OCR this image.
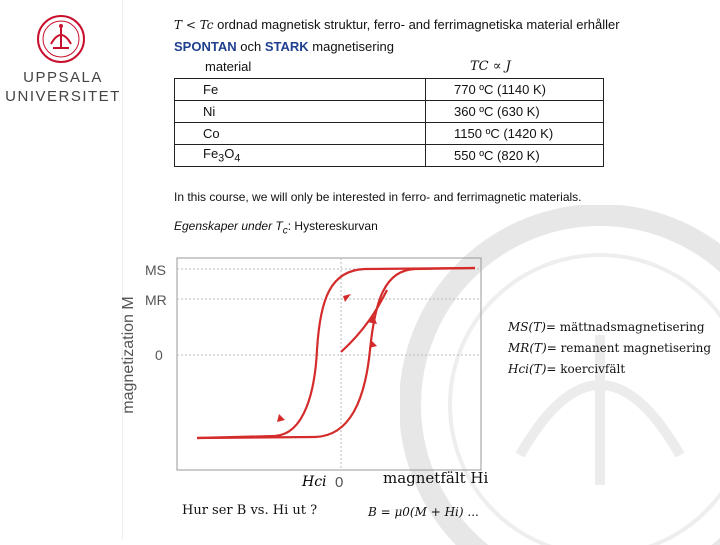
UPPSALA
UNIVERSITET
T < Tc ordnad magnetisk struktur, ferro- and ferrimagnetiska material erhåller
SPONTAN och STARK magnetisering
material	TC ∝ J
Fe	770 ºC (1140 K)
Ni	360 ºC (630 K)
Co	1150 ºC (1420 K)
$Fe_3O_4$	550 ºC (820 K)
In this course, we will only be interested in ferro- and ferrimagnetic materials.
Egenskaper under $T_c$: Hystereskurvan
magnetization M
MS
MR
0
Hci 0	magnetfält Hi
MS(T)= mättnadsmagnetisering
MR(T)= remanent magnetisering
Hci(T)= koercivfält
Hur ser B vs. Hi ut ?	B = μ0(M + Hi) ...
